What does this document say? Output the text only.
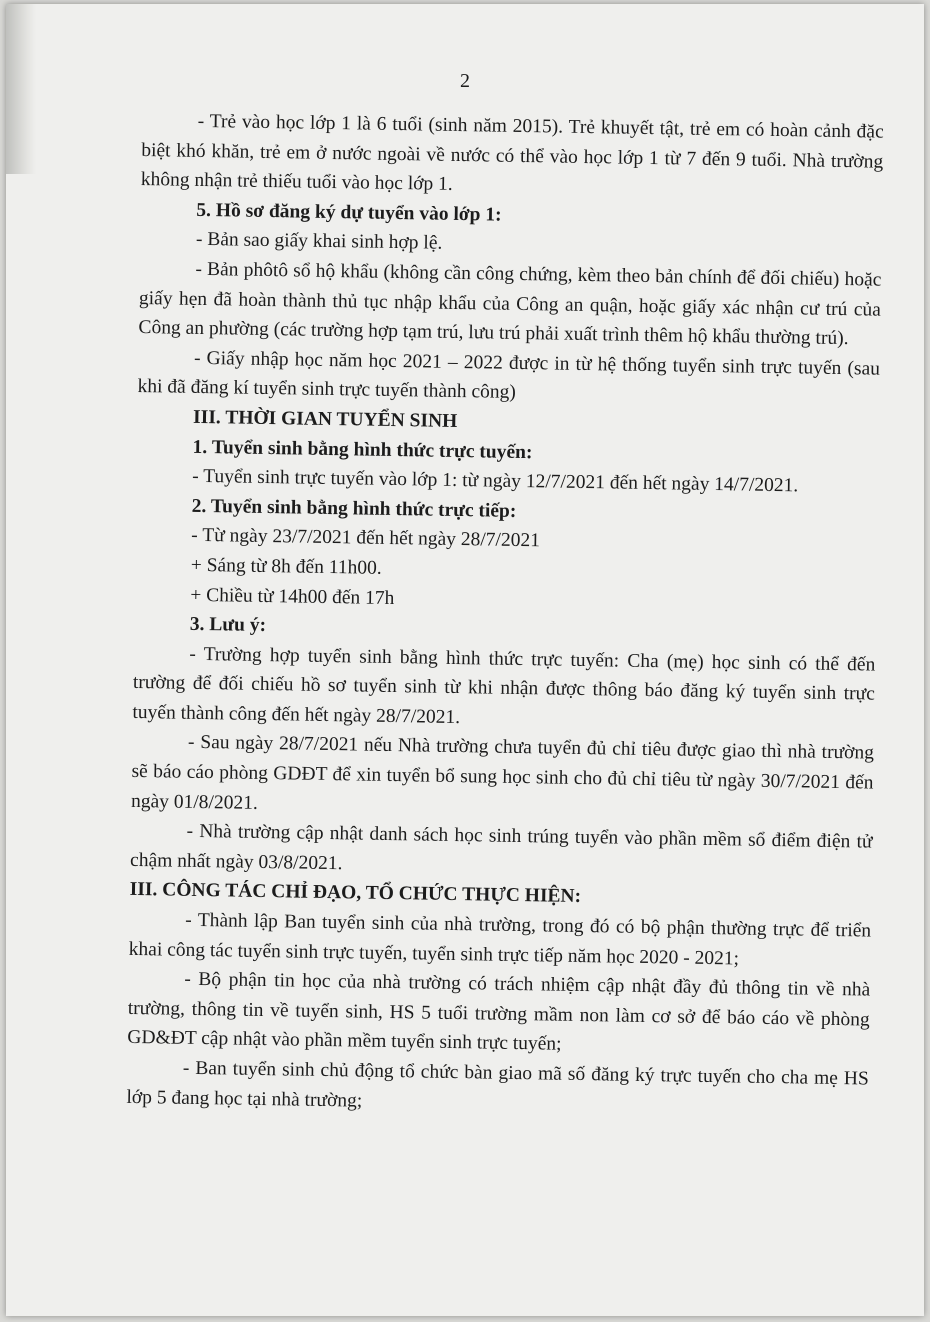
2

- Trẻ vào học lớp 1 là 6 tuổi (sinh năm 2015). Trẻ khuyết tật, trẻ em có hoàn cảnh đặc biệt khó khăn, trẻ em ở nước ngoài về nước có thể vào học lớp 1 từ 7 đến 9 tuổi. Nhà trường không nhận trẻ thiếu tuổi vào học lớp 1.

5. Hồ sơ đăng ký dự tuyển vào lớp 1:

- Bản sao giấy khai sinh hợp lệ.

- Bản phôtô sổ hộ khẩu (không cần công chứng, kèm theo bản chính để đối chiếu) hoặc giấy hẹn đã hoàn thành thủ tục nhập khẩu của Công an quận, hoặc giấy xác nhận cư trú của Công an phường (các trường hợp tạm trú, lưu trú phải xuất trình thêm hộ khẩu thường trú).

- Giấy nhập học năm học 2021 – 2022 được in từ hệ thống tuyển sinh trực tuyến (sau khi đã đăng kí tuyển sinh trực tuyến thành công)

III. THỜI GIAN TUYỂN SINH

1. Tuyển sinh bằng hình thức trực tuyến:

- Tuyển sinh trực tuyến vào lớp 1: từ ngày 12/7/2021 đến hết ngày 14/7/2021.

2. Tuyển sinh bằng hình thức trực tiếp:

- Từ ngày 23/7/2021 đến hết ngày 28/7/2021

+ Sáng từ 8h đến 11h00.

+ Chiều từ 14h00 đến 17h

3. Lưu ý:

- Trường hợp tuyển sinh bằng hình thức trực tuyến: Cha (mẹ) học sinh có thể đến trường để đối chiếu hồ sơ tuyển sinh từ khi nhận được thông báo đăng ký tuyển sinh trực tuyến thành công đến hết ngày 28/7/2021.

- Sau ngày 28/7/2021 nếu Nhà trường chưa tuyển đủ chỉ tiêu được giao thì nhà trường sẽ báo cáo phòng GDĐT để xin tuyển bổ sung học sinh cho đủ chỉ tiêu từ ngày 30/7/2021 đến ngày 01/8/2021.

- Nhà trường cập nhật danh sách học sinh trúng tuyển vào phần mềm sổ điểm điện tử chậm nhất ngày 03/8/2021.

III. CÔNG TÁC CHỈ ĐẠO, TỔ CHỨC THỰC HIỆN:

- Thành lập Ban tuyển sinh của nhà trường, trong đó có bộ phận thường trực để triển khai công tác tuyển sinh trực tuyến, tuyển sinh trực tiếp năm học 2020 - 2021;

- Bộ phận tin học của nhà trường có trách nhiệm cập nhật đầy đủ thông tin về nhà trường, thông tin về tuyển sinh, HS 5 tuổi trường mầm non làm cơ sở để báo cáo về phòng GD&ĐT cập nhật vào phần mềm tuyển sinh trực tuyến;

- Ban tuyển sinh chủ động tổ chức bàn giao mã số đăng ký trực tuyến cho cha mẹ HS lớp 5 đang học tại nhà trường;
